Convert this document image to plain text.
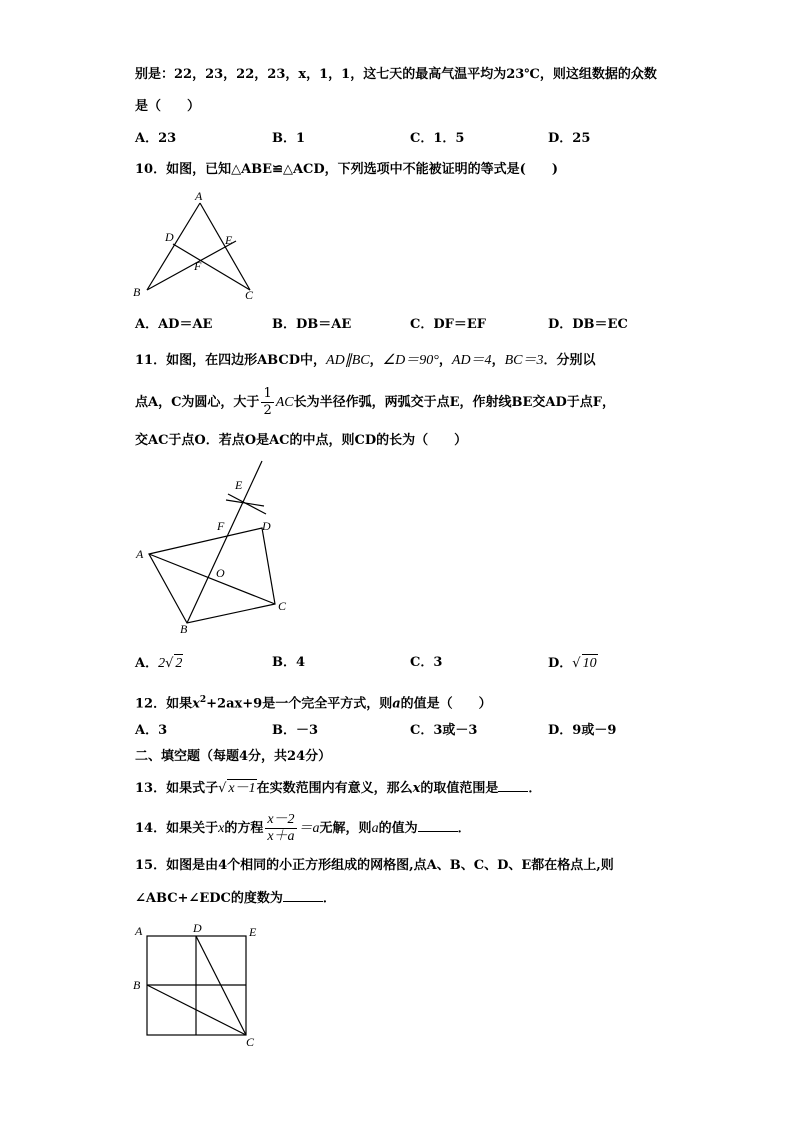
别是：22，23，22，23，x，1，1，这七天的最高气温平均为23℃，则这组数据的众数
是（　　）
A．23	B．1	C．1．5	D．25
10．如图，已知△ABE≌△ACD，下列选项中不能被证明的等式是(　　)
A
D	E
F
B	C
A．AD＝AE	B．DB＝AE	C．DF＝EF	D．DB＝EC
11．如图，在四边形ABCD中，AD∥BC，∠D＝90°，AD＝4，BC＝3．分别以
点A，C为圆心，大于 $\frac{1}{2}$ AC长为半径作弧，两弧交于点E，作射线BE交AD于点F，
交AC于点O．若点O是AC的中点，则CD的长为（　　）
E
F	D
A
O
C
B
A．2√ 2	B．4	C．3	D．√ 10
12．如果$x^2+2ax+9$是一个完全平方式，则a的值是（　　）
A．3	B．－3	C．3或－3	D．9或－9
二、填空题（每题4分，共24分）
13．如果式子√ x－1在实数范围内有意义，那么x的取值范围是 ．
14．如果关于x的方程 $\frac{x-2}{x+a} =a$无解，则a的值为	．
15．如图是由4个相同的小正方形组成的网格图,点A、B、C、D、E都在格点上,则
∠ABC+∠EDC的度数为	．
A	D	E
B
C
